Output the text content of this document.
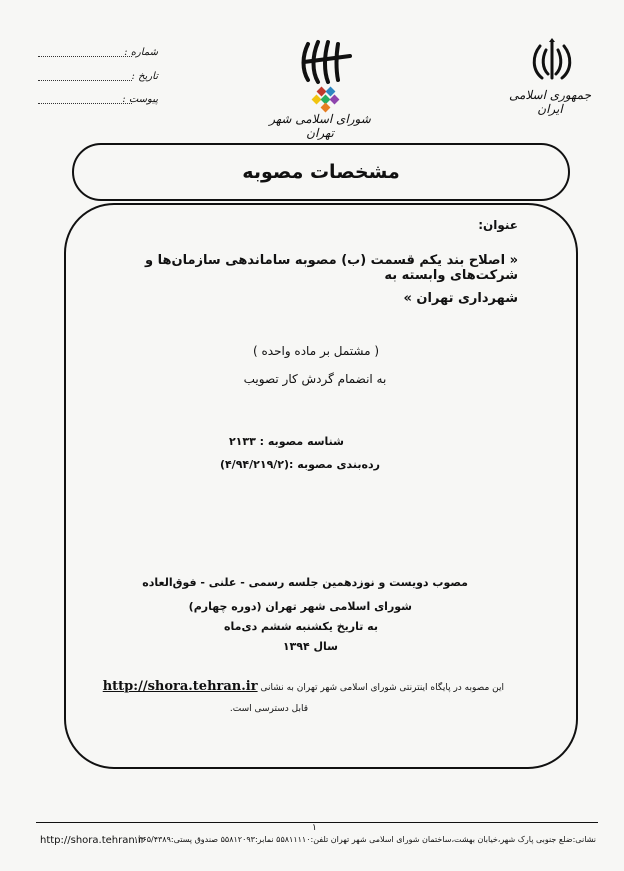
شماره :
تاریخ :
پیوست :
شورای اسلامی شهر تهران
جمهوری اسلامی ایران
مشخصات مصوبه
عنوان:
« اصلاح بند یکم قسمت (ب) مصوبه ساماندهی سازمان‌ها و شرکت‌های وابسته به
شهرداری تهران »
( مشتمل بر ماده واحده )
به انضمام گردش کار تصویب
شناسه مصوبه : ۲۱۳۳
رده‌بندی مصوبه :(۴/۹۴/۲۱۹/۲)
مصوب دویست و نوزدهمین جلسه رسمی - علنی - فوق‌العاده
شورای اسلامی شهر تهران (دوره چهارم)
به تاریخ یکشنبه ششم دی‌ماه
سال ۱۳۹۴
این مصوبه در پایگاه اینترنتی شورای اسلامی شهر تهران به نشانی http://shora.tehran.ir
قابل دسترسی است.
۱
http://shora.tehran.ir
نشانی:ضلع جنوبی پارک شهر،خیابان بهشت،ساختمان شورای اسلامی شهر تهران تلفن:۵۵۸۱۱۱۱۰ نمابر:۵۵۸۱۲۰۹۳ صندوق پستی:۱۳۶۵/۴۳۸۹
